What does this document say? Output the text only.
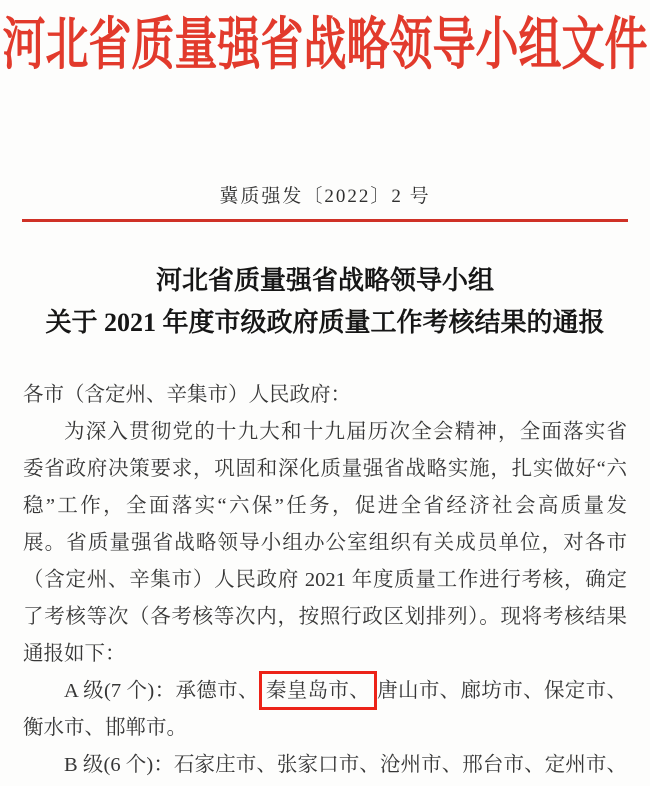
河北省质量强省战略领导小组文件
冀质强发〔2022〕2 号
河北省质量强省战略领导小组
关于 2021 年度市级政府质量工作考核结果的通报
各市（含定州、辛集市）人民政府：
为深入贯彻党的十九大和十九届历次全会精神，全面落实省
委省政府决策要求，巩固和深化质量强省战略实施，扎实做好“六
稳”工作，全面落实“六保”任务，促进全省经济社会高质量发
展。省质量强省战略领导小组办公室组织有关成员单位，对各市
（含定州、辛集市）人民政府 2021 年度质量工作进行考核，确定
了考核等次（各考核等次内，按照行政区划排列）。现将考核结果
通报如下：
A 级(7 个)：承德市、 秦皇岛市、 唐山市、廊坊市、保定市、
衡水市、邯郸市。
B 级(6 个)：石家庄市、张家口市、沧州市、邢台市、定州市、
